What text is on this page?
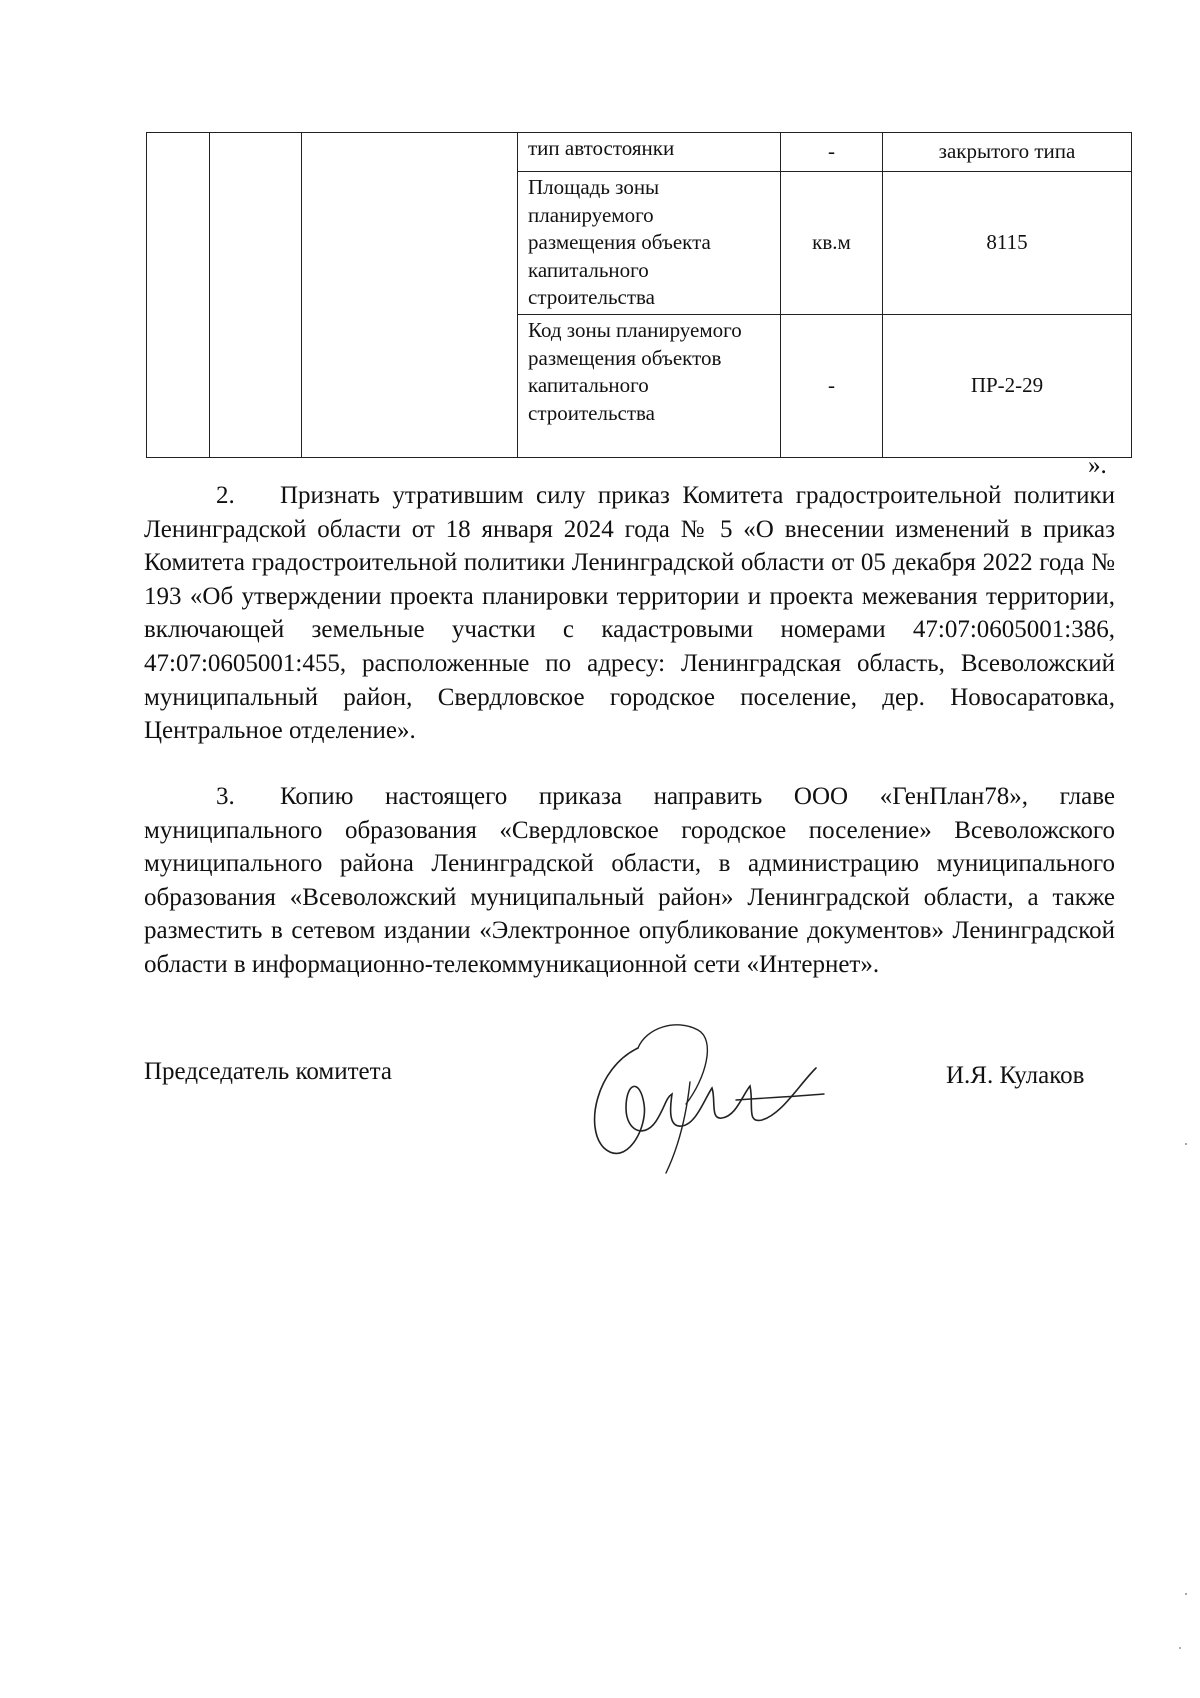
			тип автостоянки	-	закрытого типа

			Площадь зоны планируемого размещения объекта капитального строительства	кв.м	8115

			Код зоны планируемого размещения объектов капитального строительства	-	ПР-2-29
».
2. Признать утратившим силу приказ Комитета градостроительной политики Ленинградской области от 18 января 2024 года № 5 «О внесении изменений в приказ Комитета градостроительной политики Ленинградской области от 05 декабря 2022 года № 193 «Об утверждении проекта планировки территории и проекта межевания территории, включающей земельные участки с кадастровыми номерами 47:07:0605001:386, 47:07:0605001:455, расположенные по адресу: Ленинградская область, Всеволожский муниципальный район, Свердловское городское поселение, дер. Новосаратовка, Центральное отделение».
3. Копию настоящего приказа направить ООО «ГенПлан78», главе муниципального образования «Свердловское городское поселение» Всеволожского муниципального района Ленинградской области, в администрацию муниципального образования «Всеволожский муниципальный район» Ленинградской области, а также разместить в сетевом издании «Электронное опубликование документов» Ленинградской области в информационно-телекоммуникационной сети «Интернет».
Председатель комитета	И.Я. Кулаков
